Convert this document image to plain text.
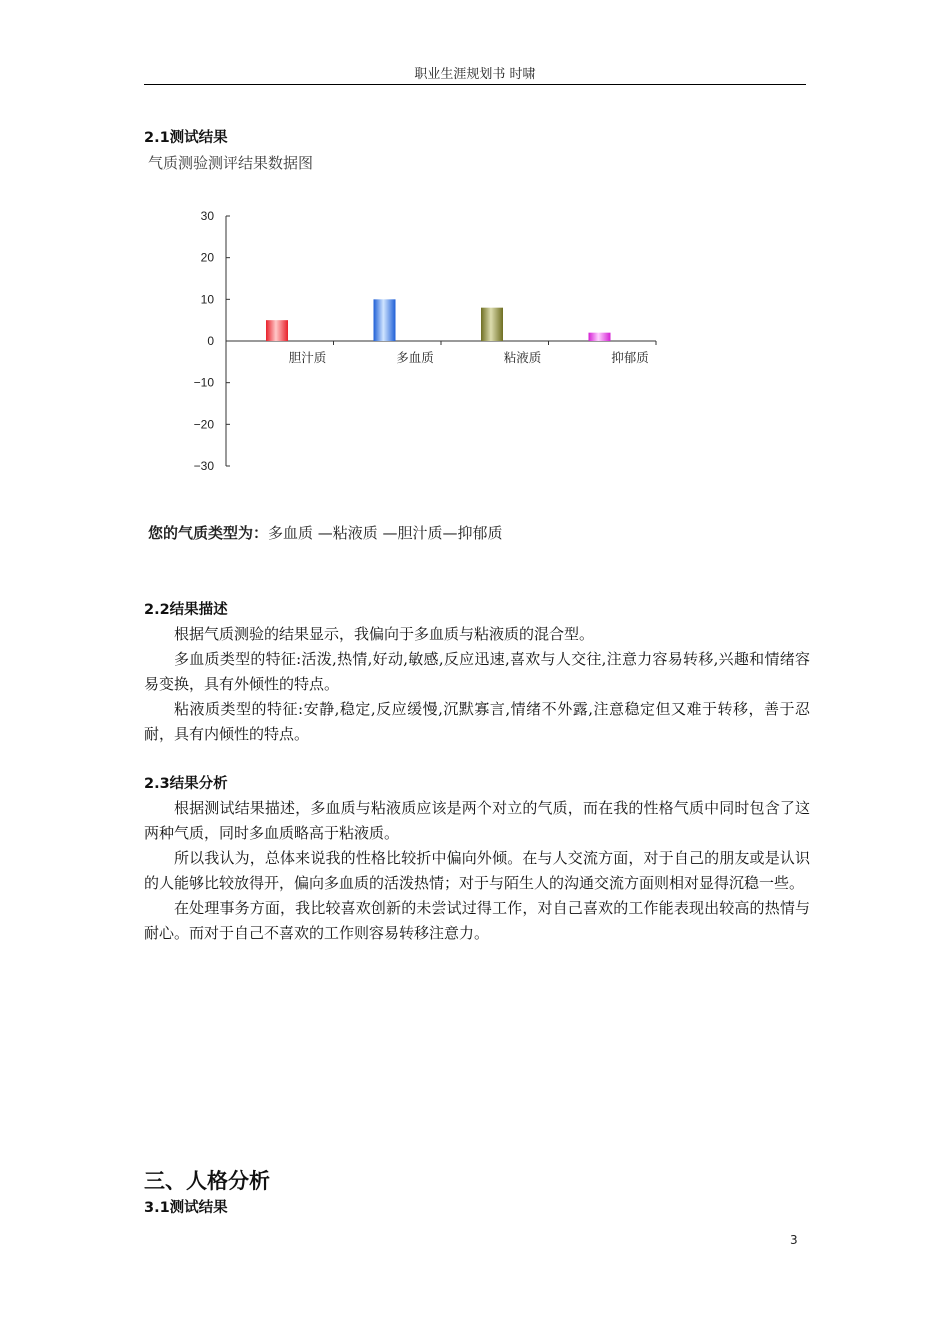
职业生涯规划书 时啸
2.1测试结果
气质测验测评结果数据图
30
20
10
0
−10
−20
−30
胆汁质	多血质	粘液质	抑郁质
您的气质类型为：多血质 —粘液质 —胆汁质—抑郁质
2.2结果描述

根据气质测验的结果显示，我偏向于多血质与粘液质的混合型。

多血质类型的特征:活泼,热情,好动,敏感,反应迅速,喜欢与人交往,注意力容易转移,兴趣和情绪容易变换，具有外倾性的特点。

粘液质类型的特征:安静,稳定,反应缓慢,沉默寡言,情绪不外露,注意稳定但又难于转移，善于忍耐，具有内倾性的特点。

2.3结果分析

根据测试结果描述，多血质与粘液质应该是两个对立的气质，而在我的性格气质中同时包含了这两种气质，同时多血质略高于粘液质。

所以我认为，总体来说我的性格比较折中偏向外倾。在与人交流方面，对于自己的朋友或是认识的人能够比较放得开，偏向多血质的活泼热情；对于与陌生人的沟通交流方面则相对显得沉稳一些。

在处理事务方面，我比较喜欢创新的未尝试过得工作，对自己喜欢的工作能表现出较高的热情与耐心。而对于自己不喜欢的工作则容易转移注意力。

三、人格分析
3.1测试结果
3
